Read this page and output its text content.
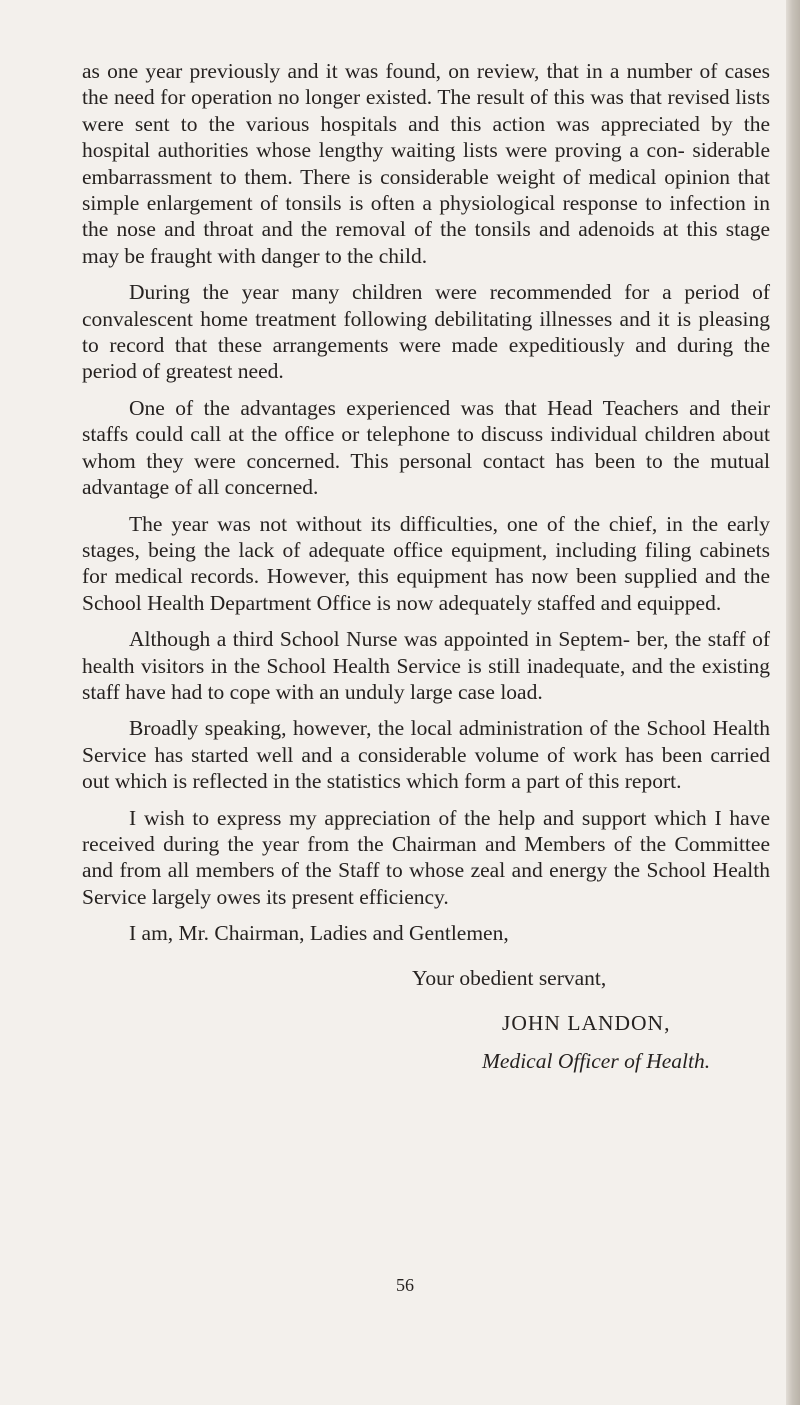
as one year previously and it was found, on review, that in a number of cases the need for operation no longer existed. The result of this was that revised lists were sent to the various hospitals and this action was appreciated by the hospital authorities whose lengthy waiting lists were proving a con- siderable embarrassment to them. There is considerable weight of medical opinion that simple enlargement of tonsils is often a physiological response to infection in the nose and throat and the removal of the tonsils and adenoids at this stage may be fraught with danger to the child.

During the year many children were recommended for a period of convalescent home treatment following debilitating illnesses and it is pleasing to record that these arrangements were made expeditiously and during the period of greatest need.

One of the advantages experienced was that Head Teachers and their staffs could call at the office or telephone to discuss individual children about whom they were concerned. This personal contact has been to the mutual advantage of all concerned.

The year was not without its difficulties, one of the chief, in the early stages, being the lack of adequate office equipment, including filing cabinets for medical records. However, this equipment has now been supplied and the School Health Department Office is now adequately staffed and equipped.

Although a third School Nurse was appointed in Septem- ber, the staff of health visitors in the School Health Service is still inadequate, and the existing staff have had to cope with an unduly large case load.

Broadly speaking, however, the local administration of the School Health Service has started well and a considerable volume of work has been carried out which is reflected in the statistics which form a part of this report.

I wish to express my appreciation of the help and support which I have received during the year from the Chairman and Members of the Committee and from all members of the Staff to whose zeal and energy the School Health Service largely owes its present efficiency.

I am, Mr. Chairman, Ladies and Gentlemen,

Your obedient servant,
JOHN LANDON,
Medical Officer of Health.
56
